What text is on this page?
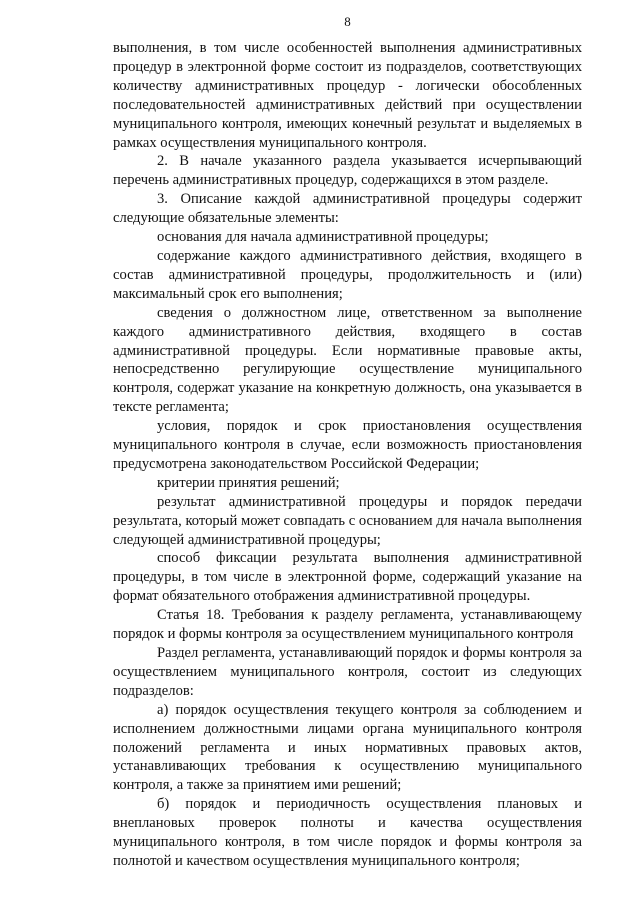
8

выполнения, в том числе особенностей выполнения административных процедур в электронной форме состоит из подразделов, соответствующих количеству административных процедур - логически обособленных последовательностей административных действий при осуществлении муниципального контроля, имеющих конечный результат и выделяемых в рамках осуществления муниципального контроля.

2. В начале указанного раздела указывается исчерпывающий перечень административных процедур, содержащихся в этом разделе.

3. Описание каждой административной процедуры содержит следующие обязательные элементы:

основания для начала административной процедуры;

содержание каждого административного действия, входящего в состав административной процедуры, продолжительность и (или) максимальный срок его выполнения;

сведения о должностном лице, ответственном за выполнение каждого административного действия, входящего в состав административной процедуры. Если нормативные правовые акты, непосредственно регулирующие осуществление муниципального контроля, содержат указание на конкретную должность, она указывается в тексте регламента;

условия, порядок и срок приостановления осуществления муниципального контроля в случае, если возможность приостановления предусмотрена законодательством Российской Федерации;

критерии принятия решений;

результат административной процедуры и порядок передачи результата, который может совпадать с основанием для начала выполнения следующей административной процедуры;

способ фиксации результата выполнения административной процедуры, в том числе в электронной форме, содержащий указание на формат обязательного отображения административной процедуры.

Статья 18. Требования к разделу регламента, устанавливающему порядок и формы контроля за осуществлением муниципального контроля

Раздел регламента, устанавливающий порядок и формы контроля за осуществлением муниципального контроля, состоит из следующих подразделов:

а) порядок осуществления текущего контроля за соблюдением и исполнением должностными лицами органа муниципального контроля положений регламента и иных нормативных правовых актов, устанавливающих требования к осуществлению муниципального контроля, а также за принятием ими решений;

б) порядок и периодичность осуществления плановых и внеплановых проверок полноты и качества осуществления муниципального контроля, в том числе порядок и формы контроля за полнотой и качеством осуществления муниципального контроля;
